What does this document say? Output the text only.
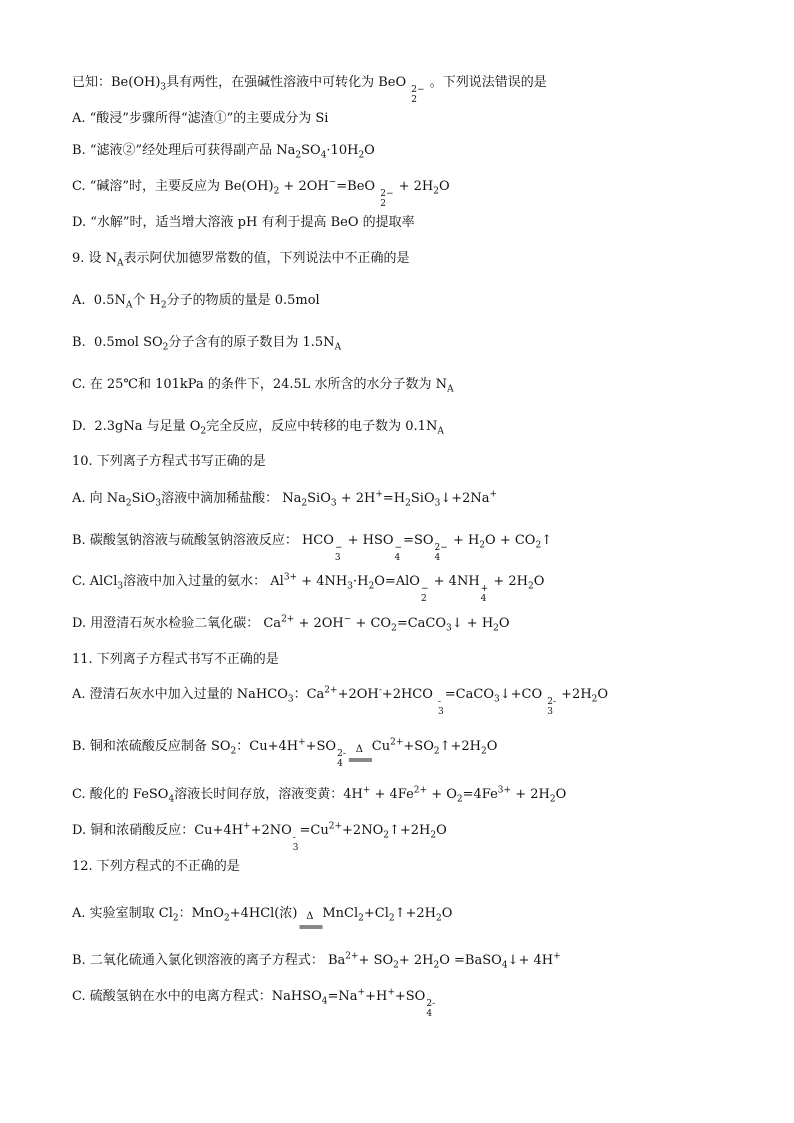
已知：$Be(OH)_3$具有两性，在强碱性溶液中可转化为 BeO 2−
2
。下列说法错误的是
A. “酸浸”步骤所得“滤渣①”的主要成分为 Si
B. “滤液②”经处理后可获得副产品 $Na_2SO_4\cdot 10H_2O$
C. “碱溶”时，主要反应为 $Be(OH)_2 + 2OH^-=BeO$ 2−
2
+ $2H_2O$
D. “水解”时，适当增大溶液 pH 有利于提高 BeO 的提取率
9. 设 $N_A$表示阿伏加德罗常数的值，下列说法中不正确的是
A.  $0.5N_A$个 $H_2$分子的物质的量是 0.5mol
B.  0.5mol $SO_2$分子含有的原子数目为 $1.5N_A$
C. 在 25℃和 101kPa 的条件下，24.5L 水所含的水分子数为 $N_A$
D.  2.3gNa 与足量 $O_2$完全反应，反应中转移的电子数为 $0.1N_A$
10. 下列离子方程式书写正确的是
A. 向 $Na_2SiO_3$溶液中滴加稀盐酸： $Na_2SiO_3$ + $2H^+=H_2SiO_3↓+2Na^+$
B. 碳酸氢钠溶液与硫酸氢钠溶液反应： HCO −
3
+ HSO −
4
=SO 2−
4
+ $H_2O$ + $CO_2↑$
C. AlCl$_3$溶液中加入过量的氨水： $Al^{3+} + 4NH_3\cdot H_2O=AlO$ −
2
+ 4NH +
4
+ $2H_2O$
D. 用澄清石灰水检验二氧化碳： $Ca^{2+} + 2OH^-$ + $CO_2=CaCO_3↓ + H_2O$
11. 下列离子方程式书写不正确的是
A. 澄清石灰水中加入过量的 NaHCO$_3$：$Ca^{2+}+2OH^-+2HCO$ -
3
=CaCO$_3$↓+CO 2-
3
$+2H_2O$
B. 铜和浓硫酸反应制备 $SO_2$：Cu+4H++SO 2-
4
Δ
════
$Cu^{2+}+SO_2↑+2H_2O$
C. 酸化的 FeSO$_4$溶液长时间存放，溶液变黄：$4H^+ + 4Fe^{2+} + O_2=4Fe^{3+} + 2H_2O$
D. 铜和浓硝酸反应：Cu+4H++2NO -
3
$=Cu^{2+}+2NO_2↑+2H_2O$
12. 下列方程式的不正确的是
A. 实验室制取 $Cl_2$：MnO$_2$+4HCl(浓) Δ
════
$MnCl_2+Cl_2↑+2H_2O$
B. 二氧化硫通入氯化钡溶液的离子方程式： $Ba^{2+}+ SO_2+ 2H_2O$ =BaSO$_4$↓+ 4H+
C. 硫酸氢钠在水中的电离方程式：NaHSO$_4$=Na++H++SO 2-
4
